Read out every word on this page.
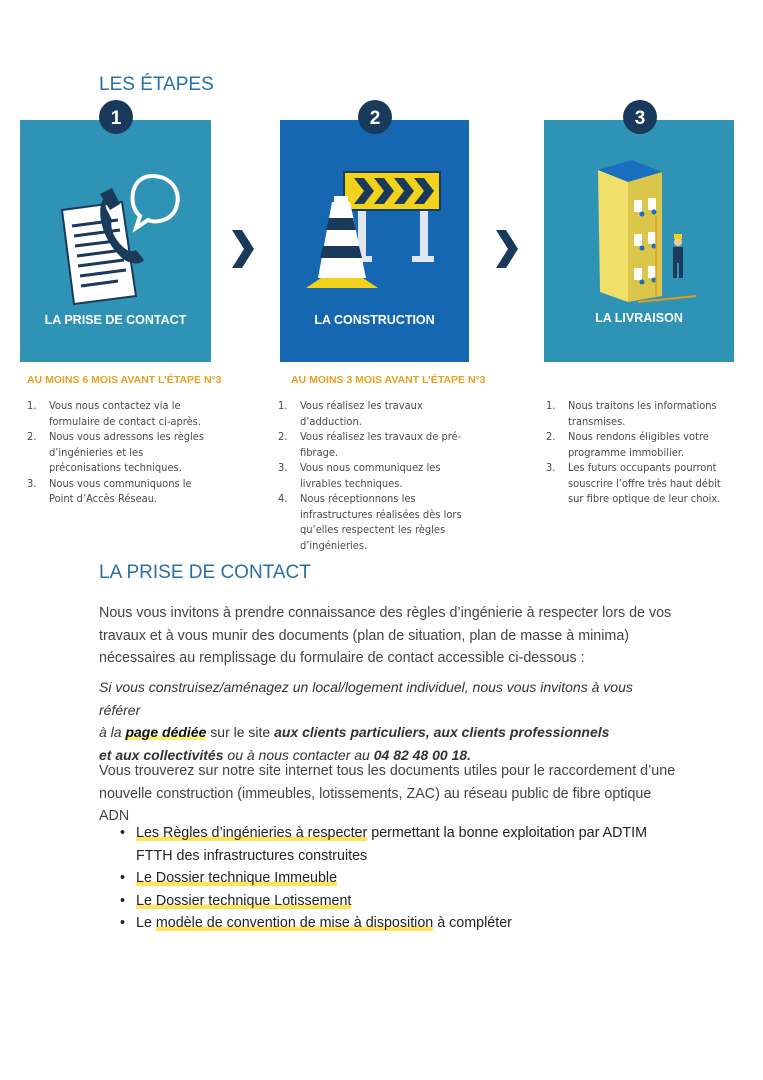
LES ÉTAPES
LA PRISE DE CONTACT
1
LA CONSTRUCTION
2
LA LIVRAISON
3
AU MOINS 6 MOIS AVANT L’ÉTAPE N°3	AU MOINS 3 MOIS AVANT L’ÉTAPE N°3
1. Vous nous contactez via le formulaire de contact ci-après.
2. Nous vous adressons les règles d’ingénieries et les préconisations techniques.
3. Nous vous communiquons le Point d’Accès Réseau.
1. Vous réalisez les travaux d’adduction.
2. Vous réalisez les travaux de pré-fibrage.
3. Vous nous communiquez les livrables techniques.
4. Nous réceptionnons les infrastructures réalisées dès lors qu’elles respectent les règles d’ingénieries.
1. Nous traitons les informations transmises.
2. Nous rendons éligibles votre programme immobilier.
3. Les futurs occupants pourront souscrire l’offre très haut débit sur fibre optique de leur choix.
LA PRISE DE CONTACT
Nous vous invitons à prendre connaissance des règles d’ingénierie à respecter lors de vos
travaux et à vous munir des documents (plan de situation, plan de masse à minima)
nécessaires au remplissage du formulaire de contact accessible ci-dessous :
Si vous construisez/aménagez un local/logement individuel, nous vous invitons à vous référer
à la page dédiée sur le site aux clients particuliers, aux clients professionnels
et aux collectivités ou à nous contacter au 04 82 48 00 18.
Vous trouverez sur notre site internet tous les documents utiles pour le raccordement d’une
nouvelle construction (immeubles, lotissements, ZAC) au réseau public de fibre optique ADN
• Les Règles d’ingénieries à respecter permettant la bonne exploitation par ADTIM FTTH des infrastructures construites
• Le Dossier technique Immeuble
• Le Dossier technique Lotissement
• Le modèle de convention de mise à disposition à compléter
